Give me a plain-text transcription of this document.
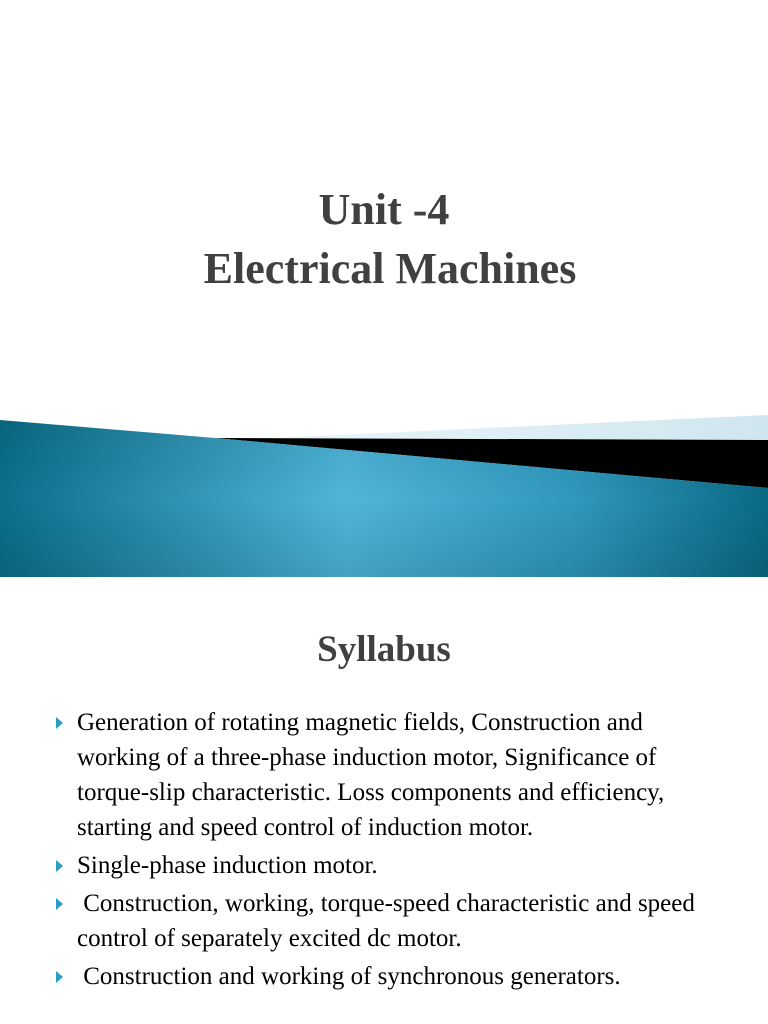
Unit -4
Electrical Machines
Syllabus
Generation of rotating magnetic fields, Construction and working of a three-phase induction motor, Significance of torque-slip characteristic. Loss components and efficiency, starting and speed control of induction motor.
Single-phase induction motor.
Construction, working, torque-speed characteristic and speed control of separately excited dc motor.
Construction and working of synchronous generators.
